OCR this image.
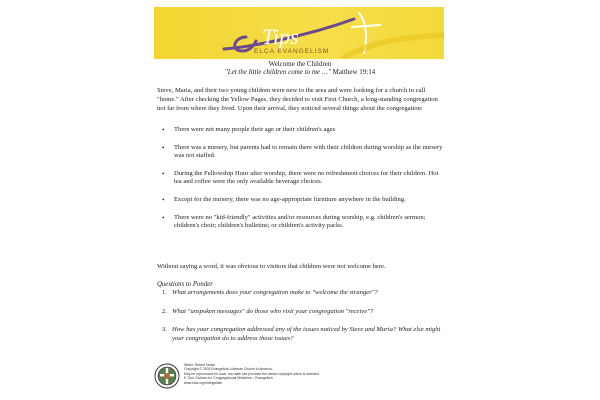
Tips
ELCA EVANGELISM
Welcome the Children
"Let the little children come to me …" Matthew 19:14

Steve, Maria, and their two young children were new to the area and were looking for a church to call "home." After checking the Yellow Pages, they decided to visit First Church, a long-standing congregation not far from where they lived. Upon their arrival, they noticed several things about the congregation:

• There were not many people their age or their children's ages
• There was a nursery, but parents had to remain there with their children during worship as the nursery was not staffed.
• During the Fellowship Hour after worship, there were no refreshment choices for their children. Hot tea and coffee were the only available beverage choices.
• Except for the nursery, there was no age-appropriate furniture anywhere in the building.
• There were no "kid-friendly" activities and/or resources during worship, e.g. children's sermon; children's choir; children's bulletins; or children's activity packs.

Without saying a word, it was obvious to visitors that children were not welcome here.

Questions to Ponder
1. What arrangements does your congregation make to "welcome the stranger"?
2. What "unspoken messages" do those who visit your congregation "receive"?
3. How has your congregation addressed any of the issues noticed by Steve and Maria? What else might your congregation do to address these issues?
Writer: Robert Drake
Copyright © 2003 Evangelical Lutheran Church in America.
May be reproduced for local, non-sale use provided the above copyright notice is included.
E-Tips: Division for Congregational Ministries – Evangelism
www.elca.org/evangelism
